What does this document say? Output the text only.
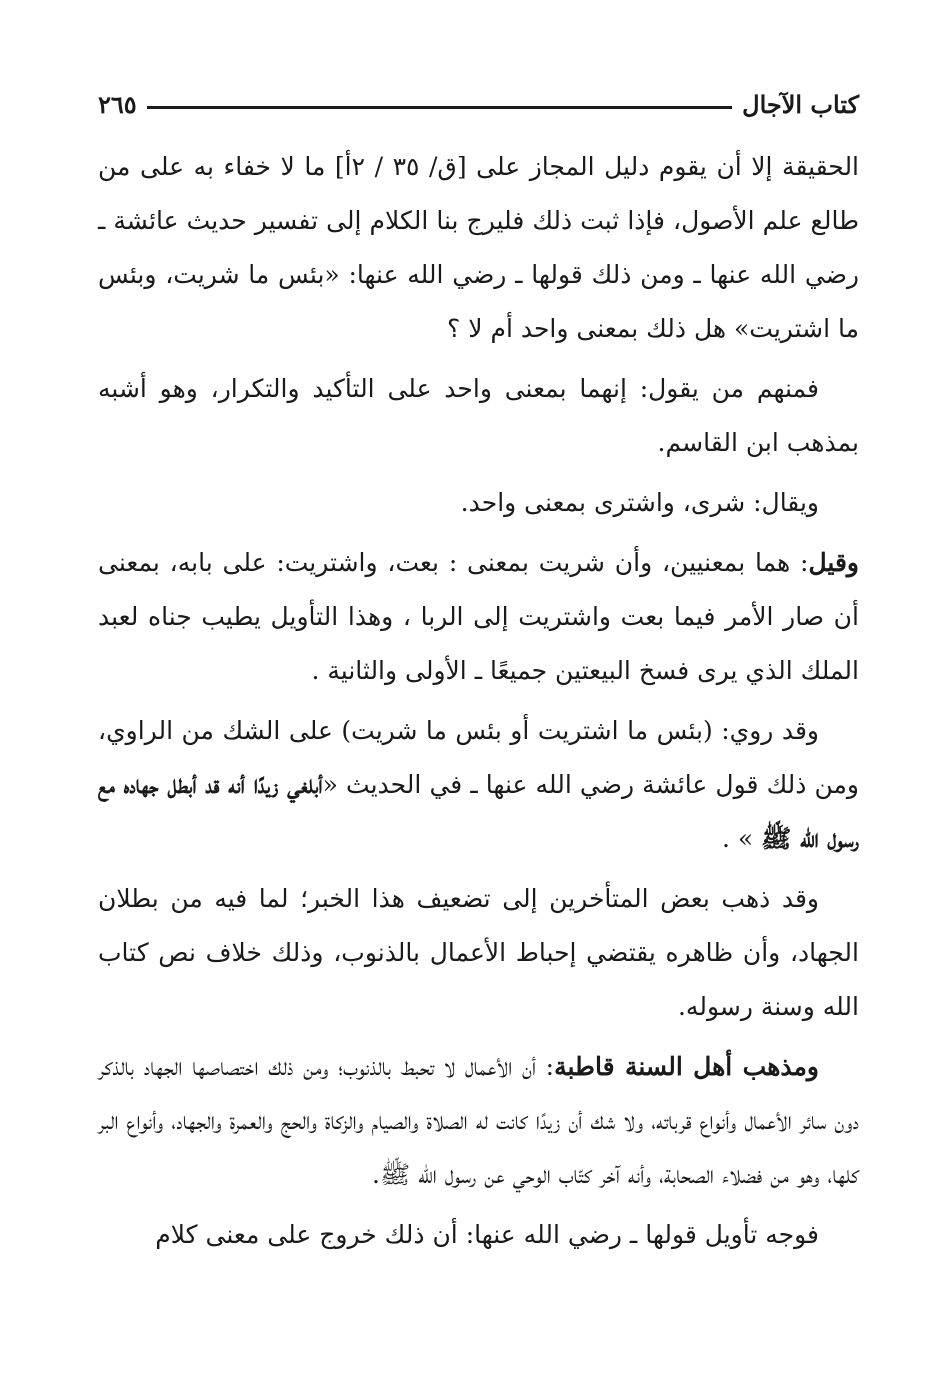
كتاب الآجال
٢٦٥

الحقيقة إلا أن يقوم دليل المجاز على [ق/ ٣٥ / ٢أ] ما لا خفاء به على من طالع علم الأصول، فإذا ثبت ذلك فليرج بنا الكلام إلى تفسير حديث عائشة ـ رضي الله عنها ـ ومن ذلك قولها ـ رضي الله عنها: «بئس ما شريت، وبئس ما اشتريت» هل ذلك بمعنى واحد أم لا ؟

فمنهم من يقول: إنهما بمعنى واحد على التأكيد والتكرار، وهو أشبه بمذهب ابن القاسم.

ويقال: شرى، واشترى بمعنى واحد.

وقيل: هما بمعنيين، وأن شريت بمعنى : بعت، واشتريت: على بابه، بمعنى أن صار الأمر فيما بعت واشتريت إلى الربا ، وهذا التأويل يطيب جناه لعبد الملك الذي يرى فسخ البيعتين جميعًا ـ الأولى والثانية .

وقد روي: (بئس ما اشتريت أو بئس ما شريت) على الشك من الراوي، ومن ذلك قول عائشة رضي الله عنها ـ في الحديث «أبلغي زيدًا أنه قد أبطل جهاده مع رسول الله ﷺ » .

وقد ذهب بعض المتأخرين إلى تضعيف هذا الخبر؛ لما فيه من بطلان الجهاد، وأن ظاهره يقتضي إحباط الأعمال بالذنوب، وذلك خلاف نص كتاب الله وسنة رسوله.

ومذهب أهل السنة قاطبة: أن الأعمال لا تحبط بالذنوب؛ ومن ذلك اختصاصها الجهاد بالذكر دون سائر الأعمال وأنواع قرباته، ولا شك أن زيدًا كانت له الصلاة والصيام والزكاة والحج والعمرة والجهاد، وأنواع البر كلها، وهو من فضلاء الصحابة، وأنه آخر كتّاب الوحي عن رسول الله ﷺ.

فوجه تأويل قولها ـ رضي الله عنها: أن ذلك خروج على معنى كلام
